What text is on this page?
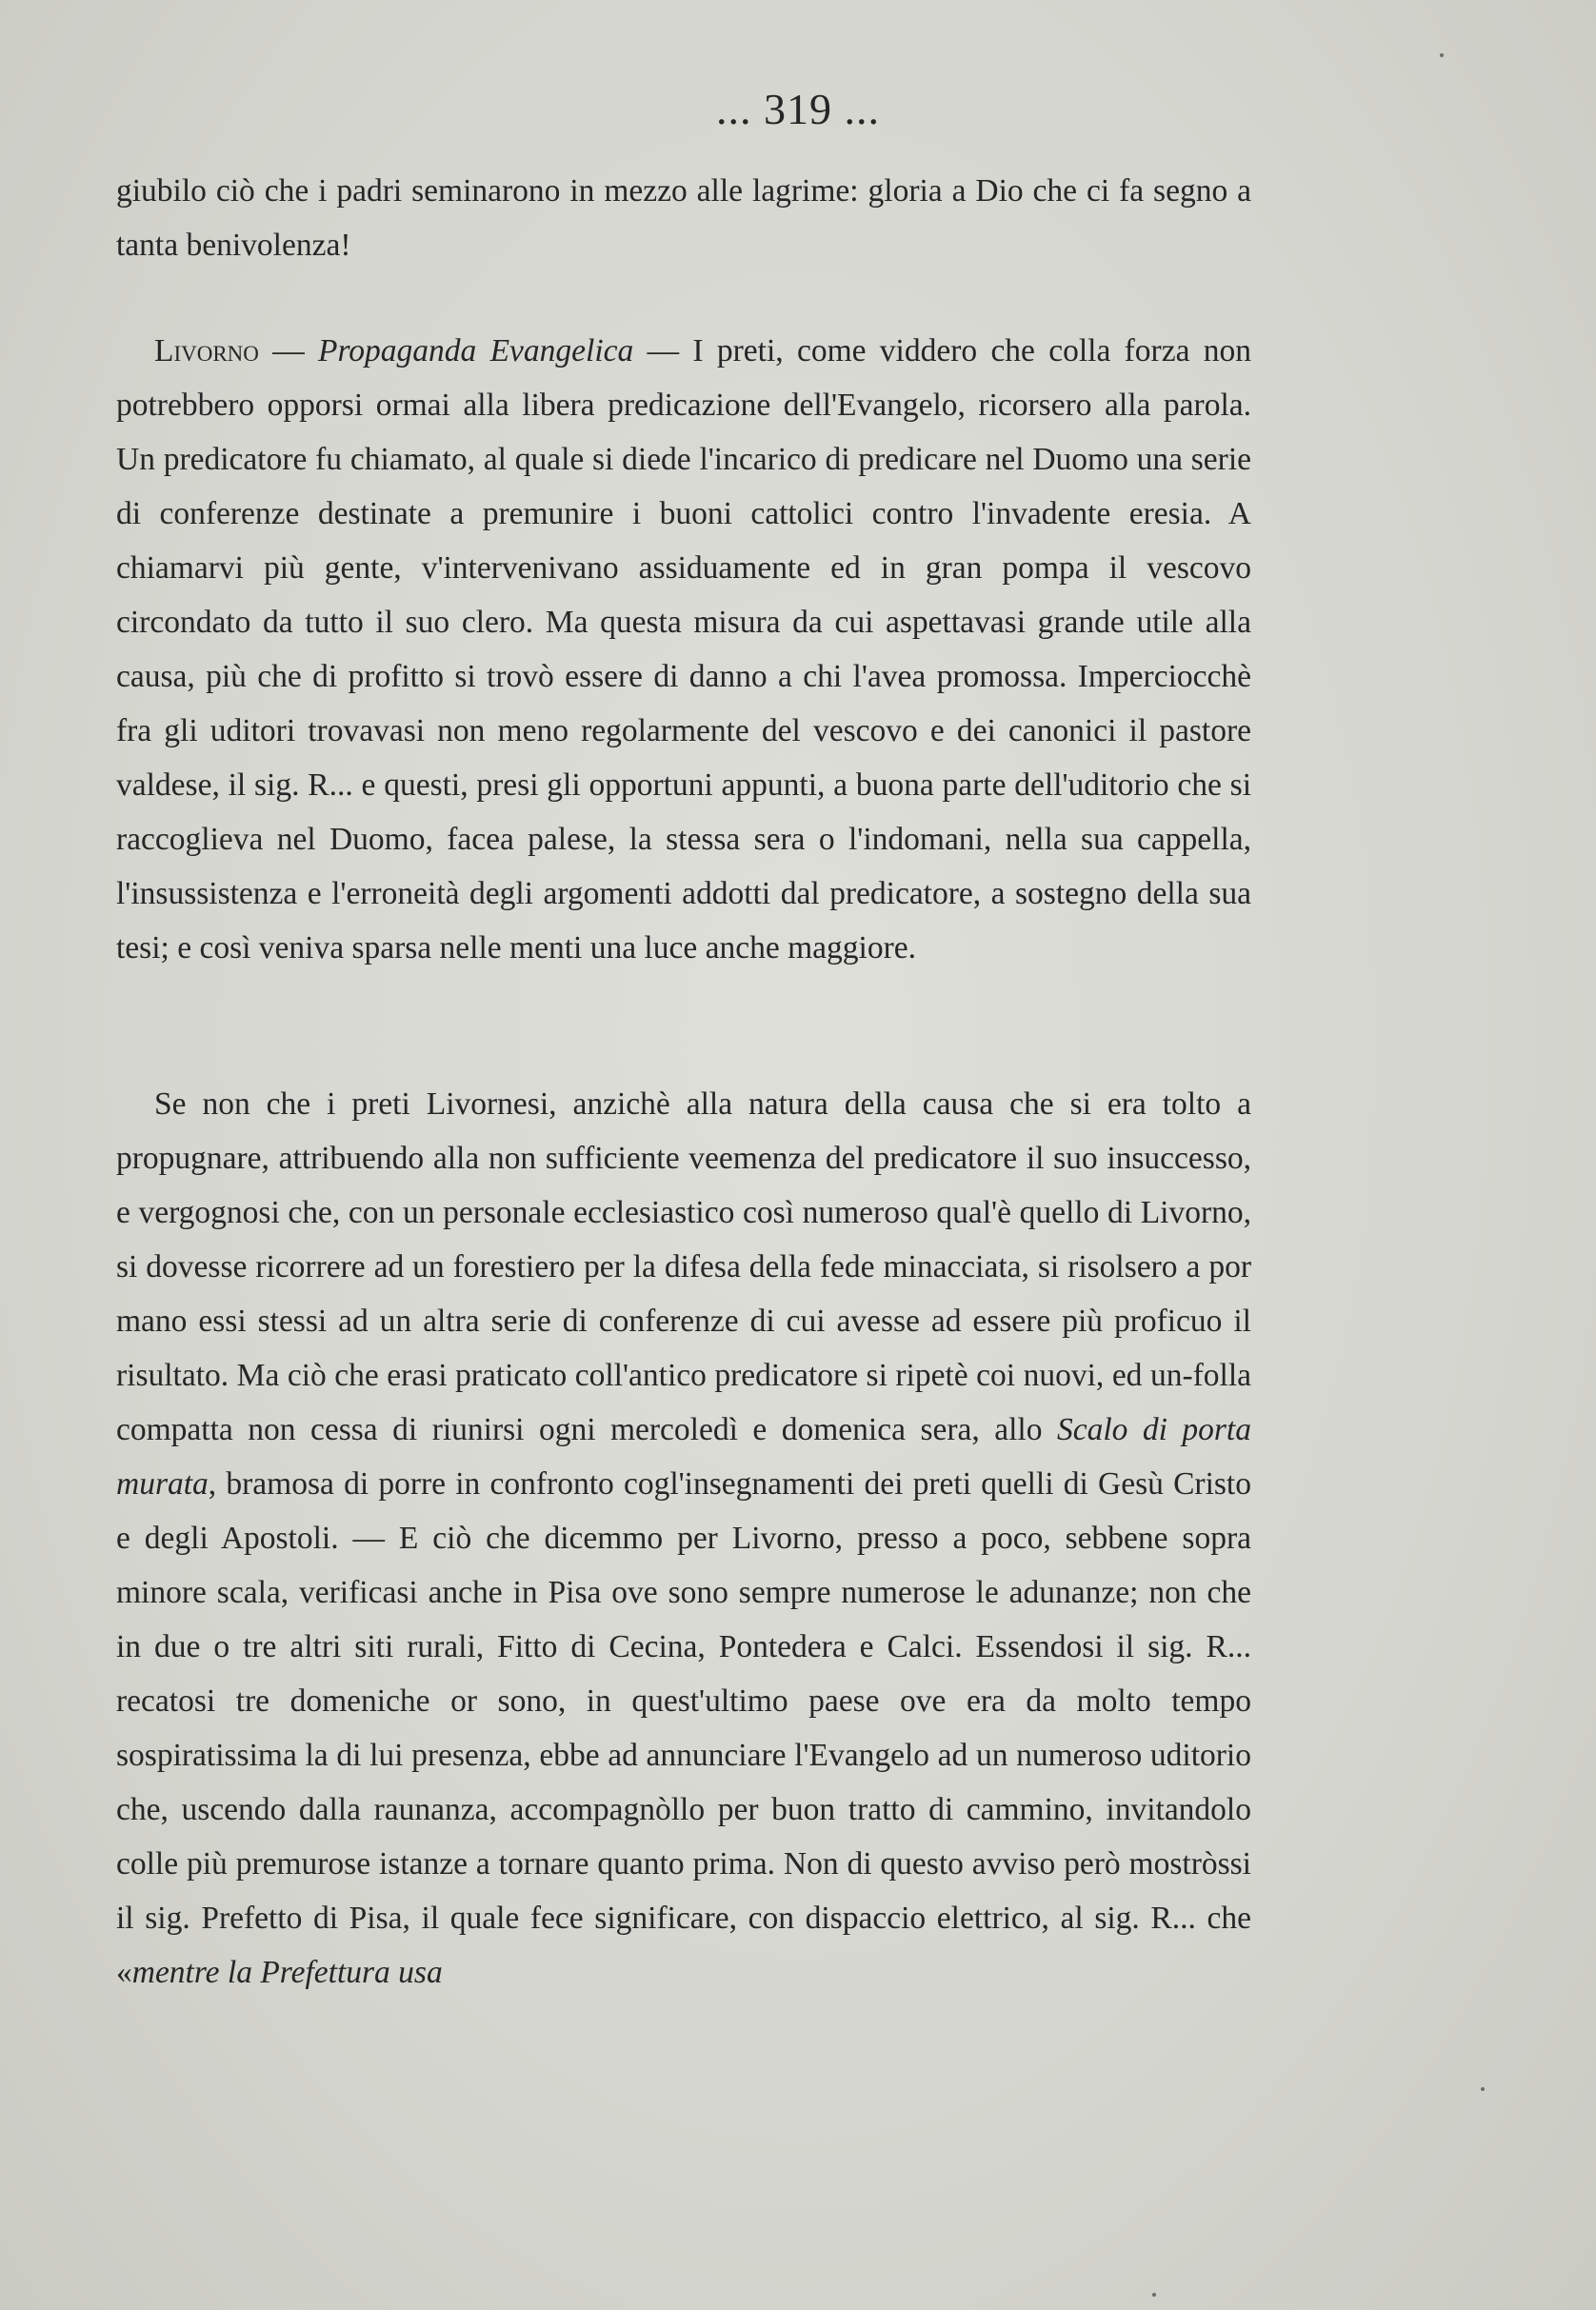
... 319 ...

giubilo ciò che i padri seminarono in mezzo alle lagrime: gloria a Dio che ci fa segno a tanta benivolenza!

Livorno — Propaganda Evangelica — I preti, come viddero che colla forza non potrebbero opporsi ormai alla libera predicazione dell'Evangelo, ricorsero alla parola. Un predicatore fu chiamato, al quale si diede l'incarico di predicare nel Duomo una serie di conferenze destinate a premunire i buoni cattolici contro l'invadente eresia. A chiamarvi più gente, v'intervenivano assiduamente ed in gran pompa il vescovo circondato da tutto il suo clero. Ma questa misura da cui aspettavasi grande utile alla causa, più che di profitto si trovò essere di danno a chi l'avea promossa. Imperciocchè fra gli uditori trovavasi non meno regolarmente del vescovo e dei canonici il pastore valdese, il sig. R... e questi, presi gli opportuni appunti, a buona parte dell'uditorio che si raccoglieva nel Duomo, facea palese, la stessa sera o l'indomani, nella sua cappella, l'insussistenza e l'erroneità degli argomenti addotti dal predicatore, a sostegno della sua tesi; e così veniva sparsa nelle menti una luce anche maggiore.

Se non che i preti Livornesi, anzichè alla natura della causa che si era tolto a propugnare, attribuendo alla non sufficiente veemenza del predicatore il suo insuccesso, e vergognosi che, con un personale ecclesiastico così numeroso qual'è quello di Livorno, si dovesse ricorrere ad un forestiero per la difesa della fede minacciata, si risolsero a por mano essi stessi ad un altra serie di conferenze di cui avesse ad essere più proficuo il risultato. Ma ciò che erasi praticato coll'antico predicatore si ripetè coi nuovi, ed un-folla compatta non cessa di riunirsi ogni mercoledì e domenica sera, allo Scalo di porta murata, bramosa di porre in confronto cogl'insegnamenti dei preti quelli di Gesù Cristo e degli Apostoli. — E ciò che dicemmo per Livorno, presso a poco, sebbene sopra minore scala, verificasi anche in Pisa ove sono sempre numerose le adunanze; non che in due o tre altri siti rurali, Fitto di Cecina, Pontedera e Calci. Essendosi il sig. R... recatosi tre domeniche or sono, in quest'ultimo paese ove era da molto tempo sospiratissima la di lui presenza, ebbe ad annunciare l'Evangelo ad un numeroso uditorio che, uscendo dalla raunanza, accompagnòllo per buon tratto di cammino, invitandolo colle più premurose istanze a tornare quanto prima. Non di questo avviso però mostròssi il sig. Prefetto di Pisa, il quale fece significare, con dispaccio elettrico, al sig. R... che «mentre la Prefettura usa
